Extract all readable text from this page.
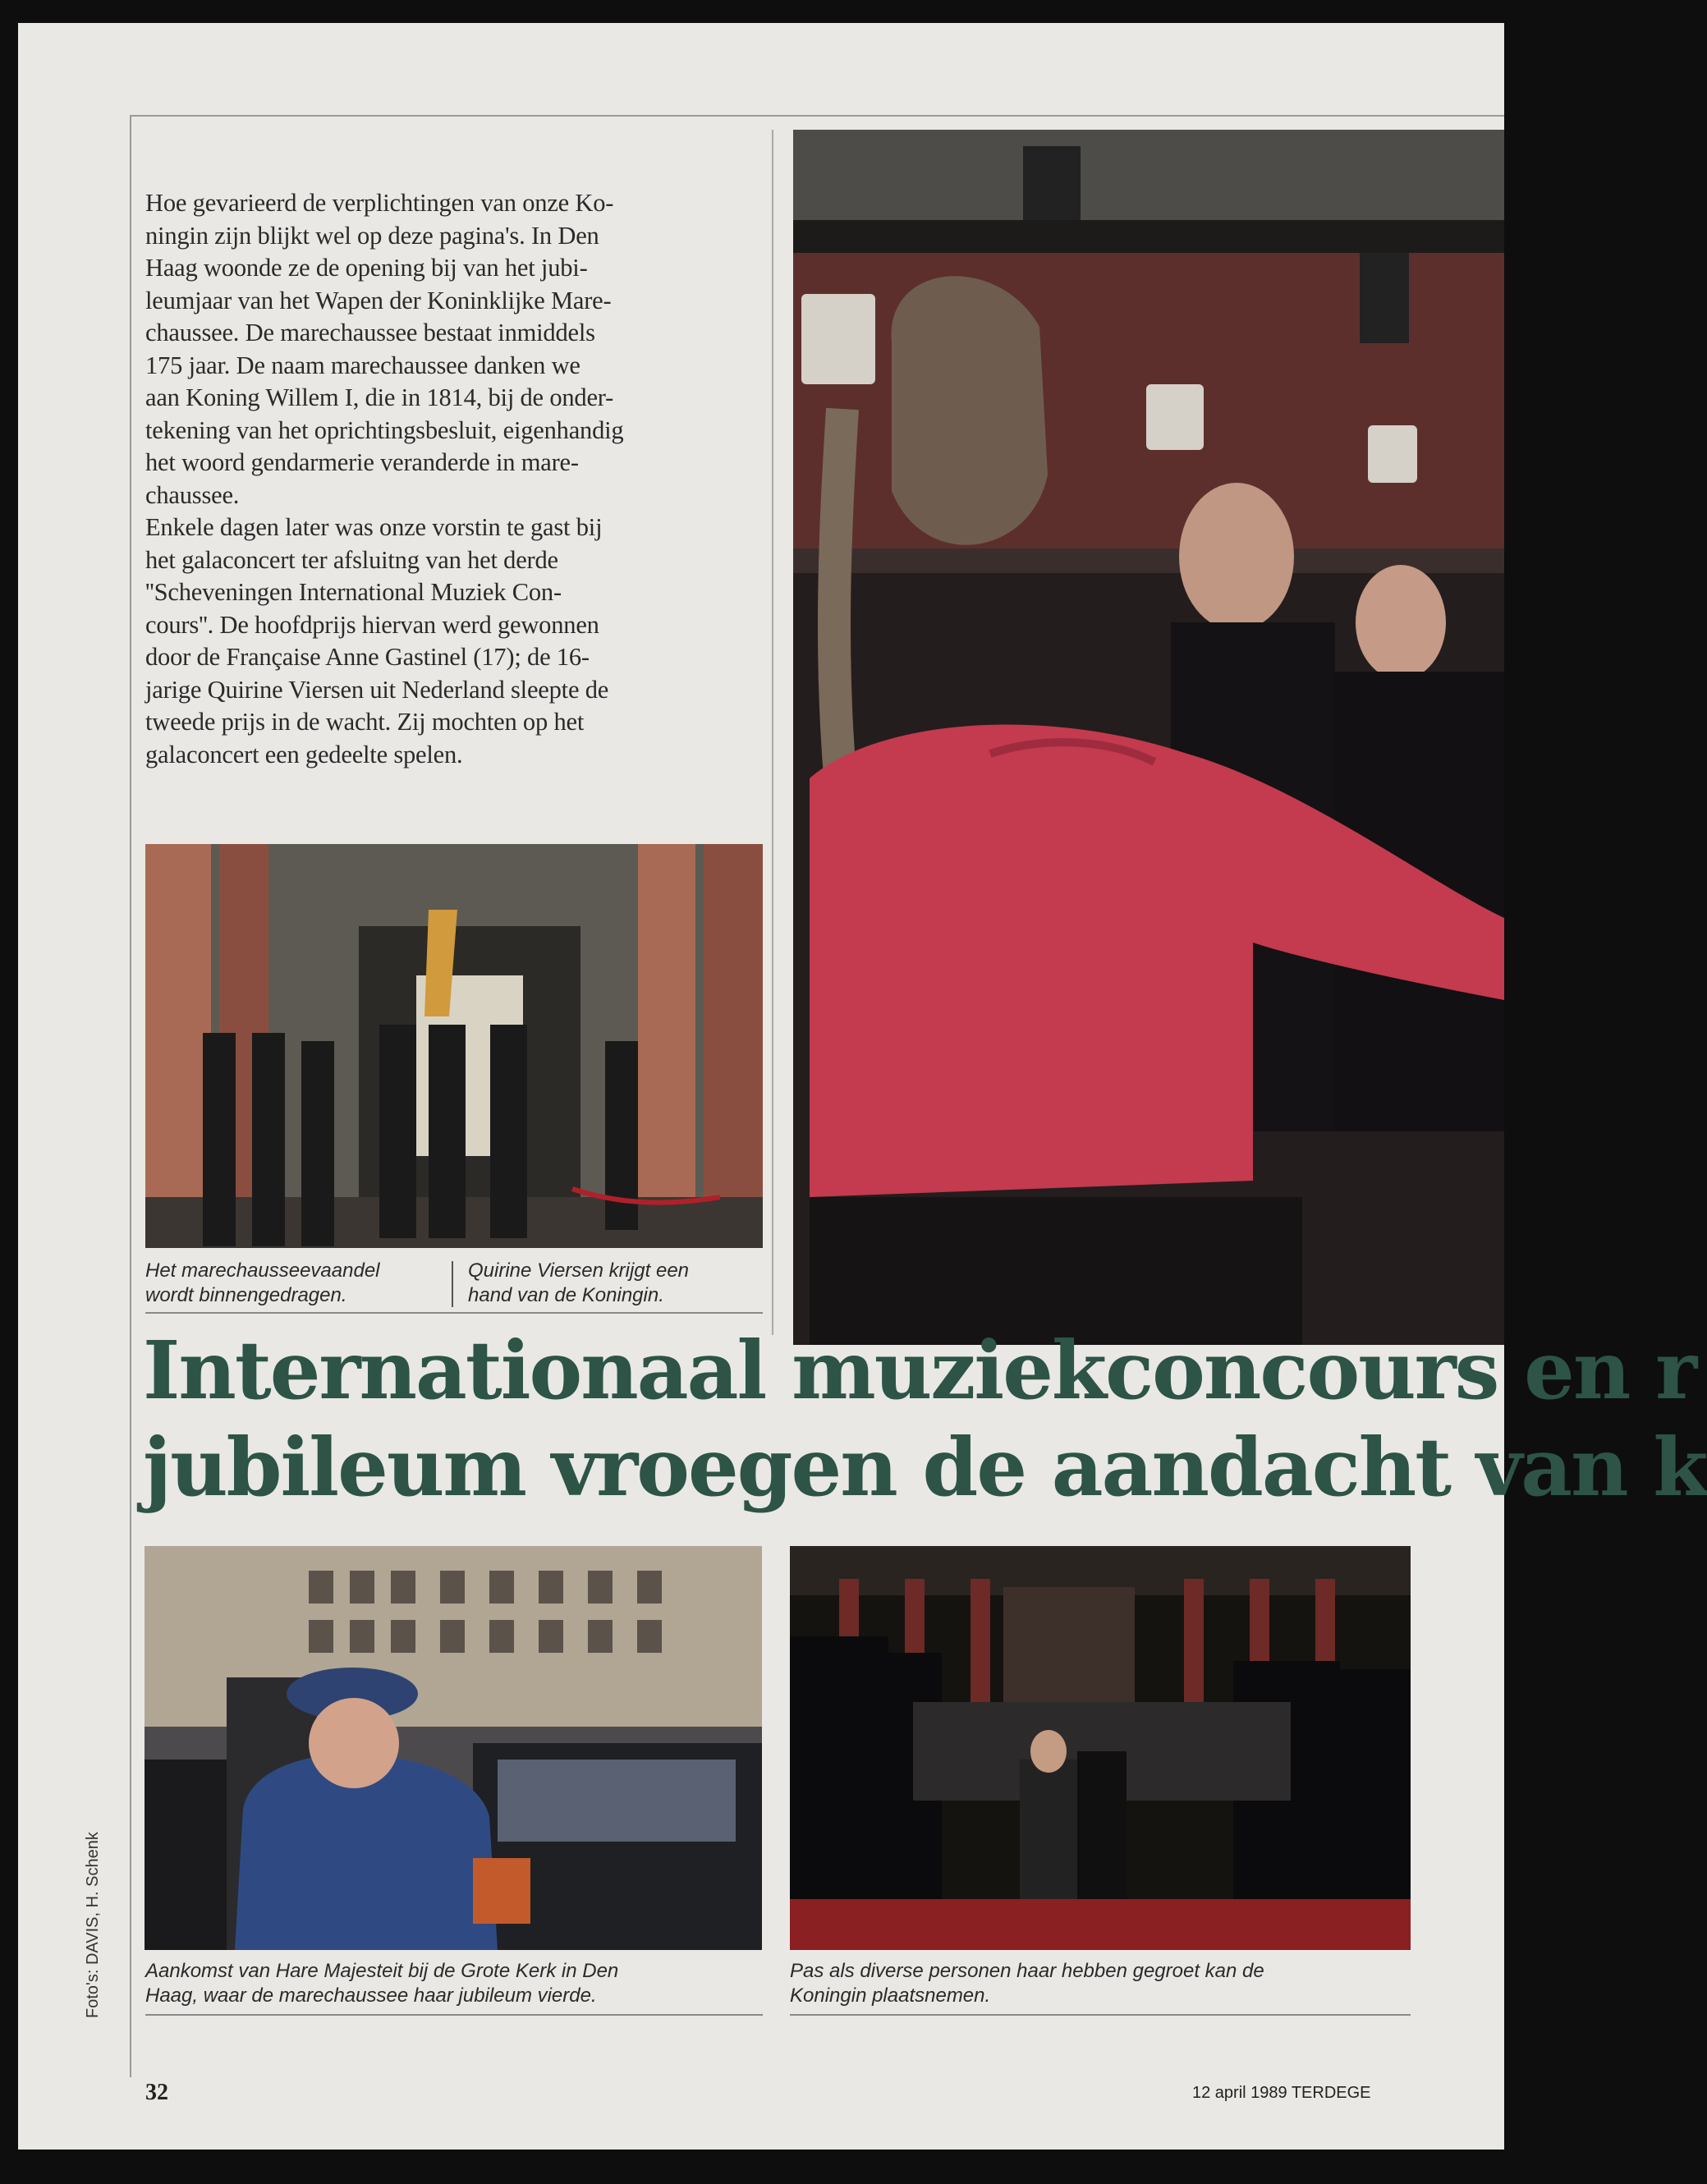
Hoe gevarieerd de verplichtingen van onze Ko-
ningin zijn blijkt wel op deze pagina's. In Den
Haag woonde ze de opening bij van het jubi-
leumjaar van het Wapen der Koninklijke Mare-
chaussee. De marechaussee bestaat inmiddels
175 jaar. De naam marechaussee danken we
aan Koning Willem I, die in 1814, bij de onder-
tekening van het oprichtingsbesluit, eigenhandig
het woord gendarmerie veranderde in mare-
chaussee.
Enkele dagen later was onze vorstin te gast bij
het galaconcert ter afsluitng van het derde
''Scheveningen International Muziek Con-
cours''. De hoofdprijs hiervan werd gewonnen
door de Française Anne Gastinel (17); de 16-
jarige Quirine Viersen uit Nederland sleepte de
tweede prijs in de wacht. Zij mochten op het
galaconcert een gedeelte spelen.

Het marechausseevaandel
wordt binnengedragen.

Quirine Viersen krijgt een
hand van de Koningin.

Internationaal muziekconcours en r
jubileum vroegen de aandacht van k

Aankomst van Hare Majesteit bij de Grote Kerk in Den
Haag, waar de marechaussee haar jubileum vierde.

Pas als diverse personen haar hebben gegroet kan de
Koningin plaatsnemen.

Foto's: DAVIS, H. Schenk
32	12 april 1989 TERDEGE
